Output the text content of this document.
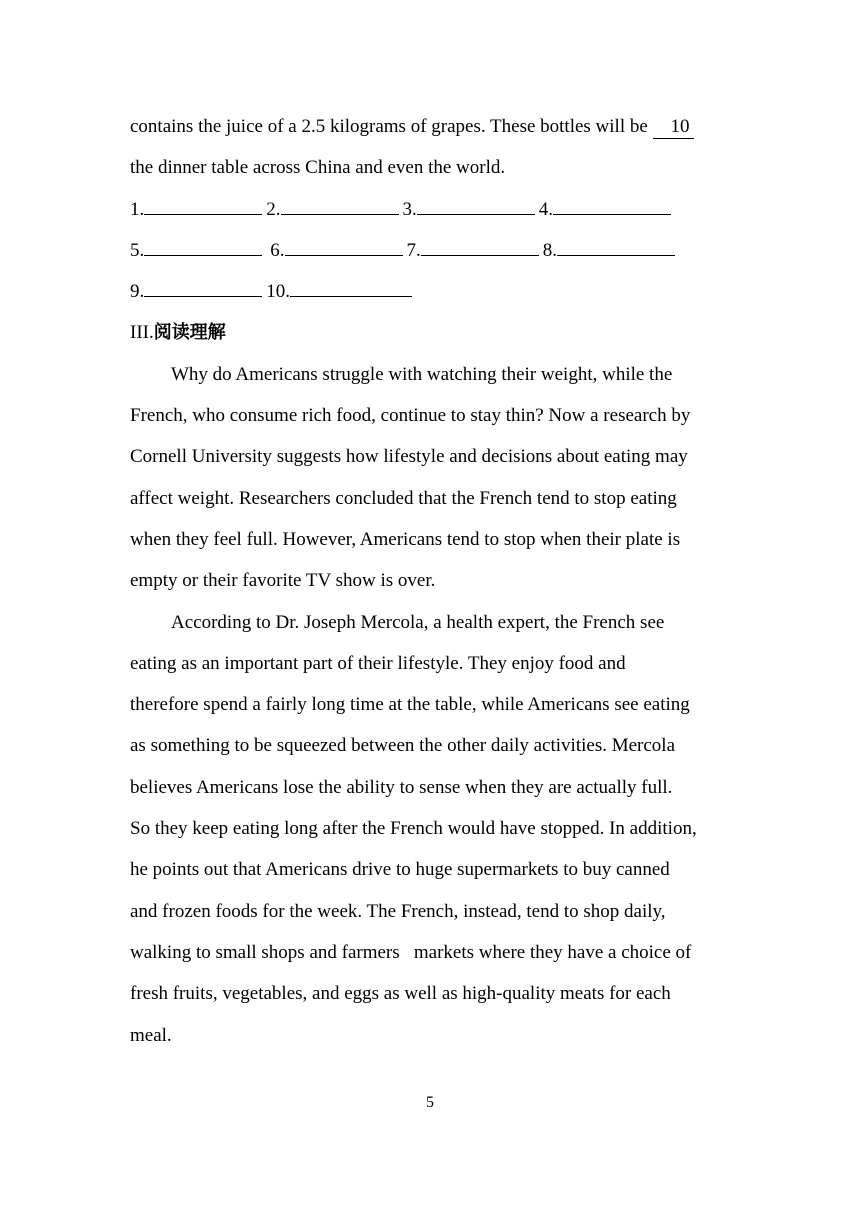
contains the juice of a 2.5 kilograms of grapes. These bottles will be 10
the dinner table across China and even the world.
1.	2.	3.	4.
5.	6.	7.	8.
9.	10.
III.阅读理解
Why do Americans struggle with watching their weight, while the
French, who consume rich food, continue to stay thin? Now a research by
Cornell University suggests how lifestyle and decisions about eating may
affect weight. Researchers concluded that the French tend to stop eating
when they feel full. However, Americans tend to stop when their plate is
empty or their favorite TV show is over.
According to Dr. Joseph Mercola, a health expert, the French see
eating as an important part of their lifestyle. They enjoy food and
therefore spend a fairly long time at the table, while Americans see eating
as something to be squeezed between the other daily activities. Mercola
believes Americans lose the ability to sense when they are actually full.
So they keep eating long after the French would have stopped. In addition,
he points out that Americans drive to huge supermarkets to buy canned
and frozen foods for the week. The French, instead, tend to shop daily,
walking to small shops and farmers   markets where they have a choice of
fresh fruits, vegetables, and eggs as well as high-quality meats for each
meal.
5
